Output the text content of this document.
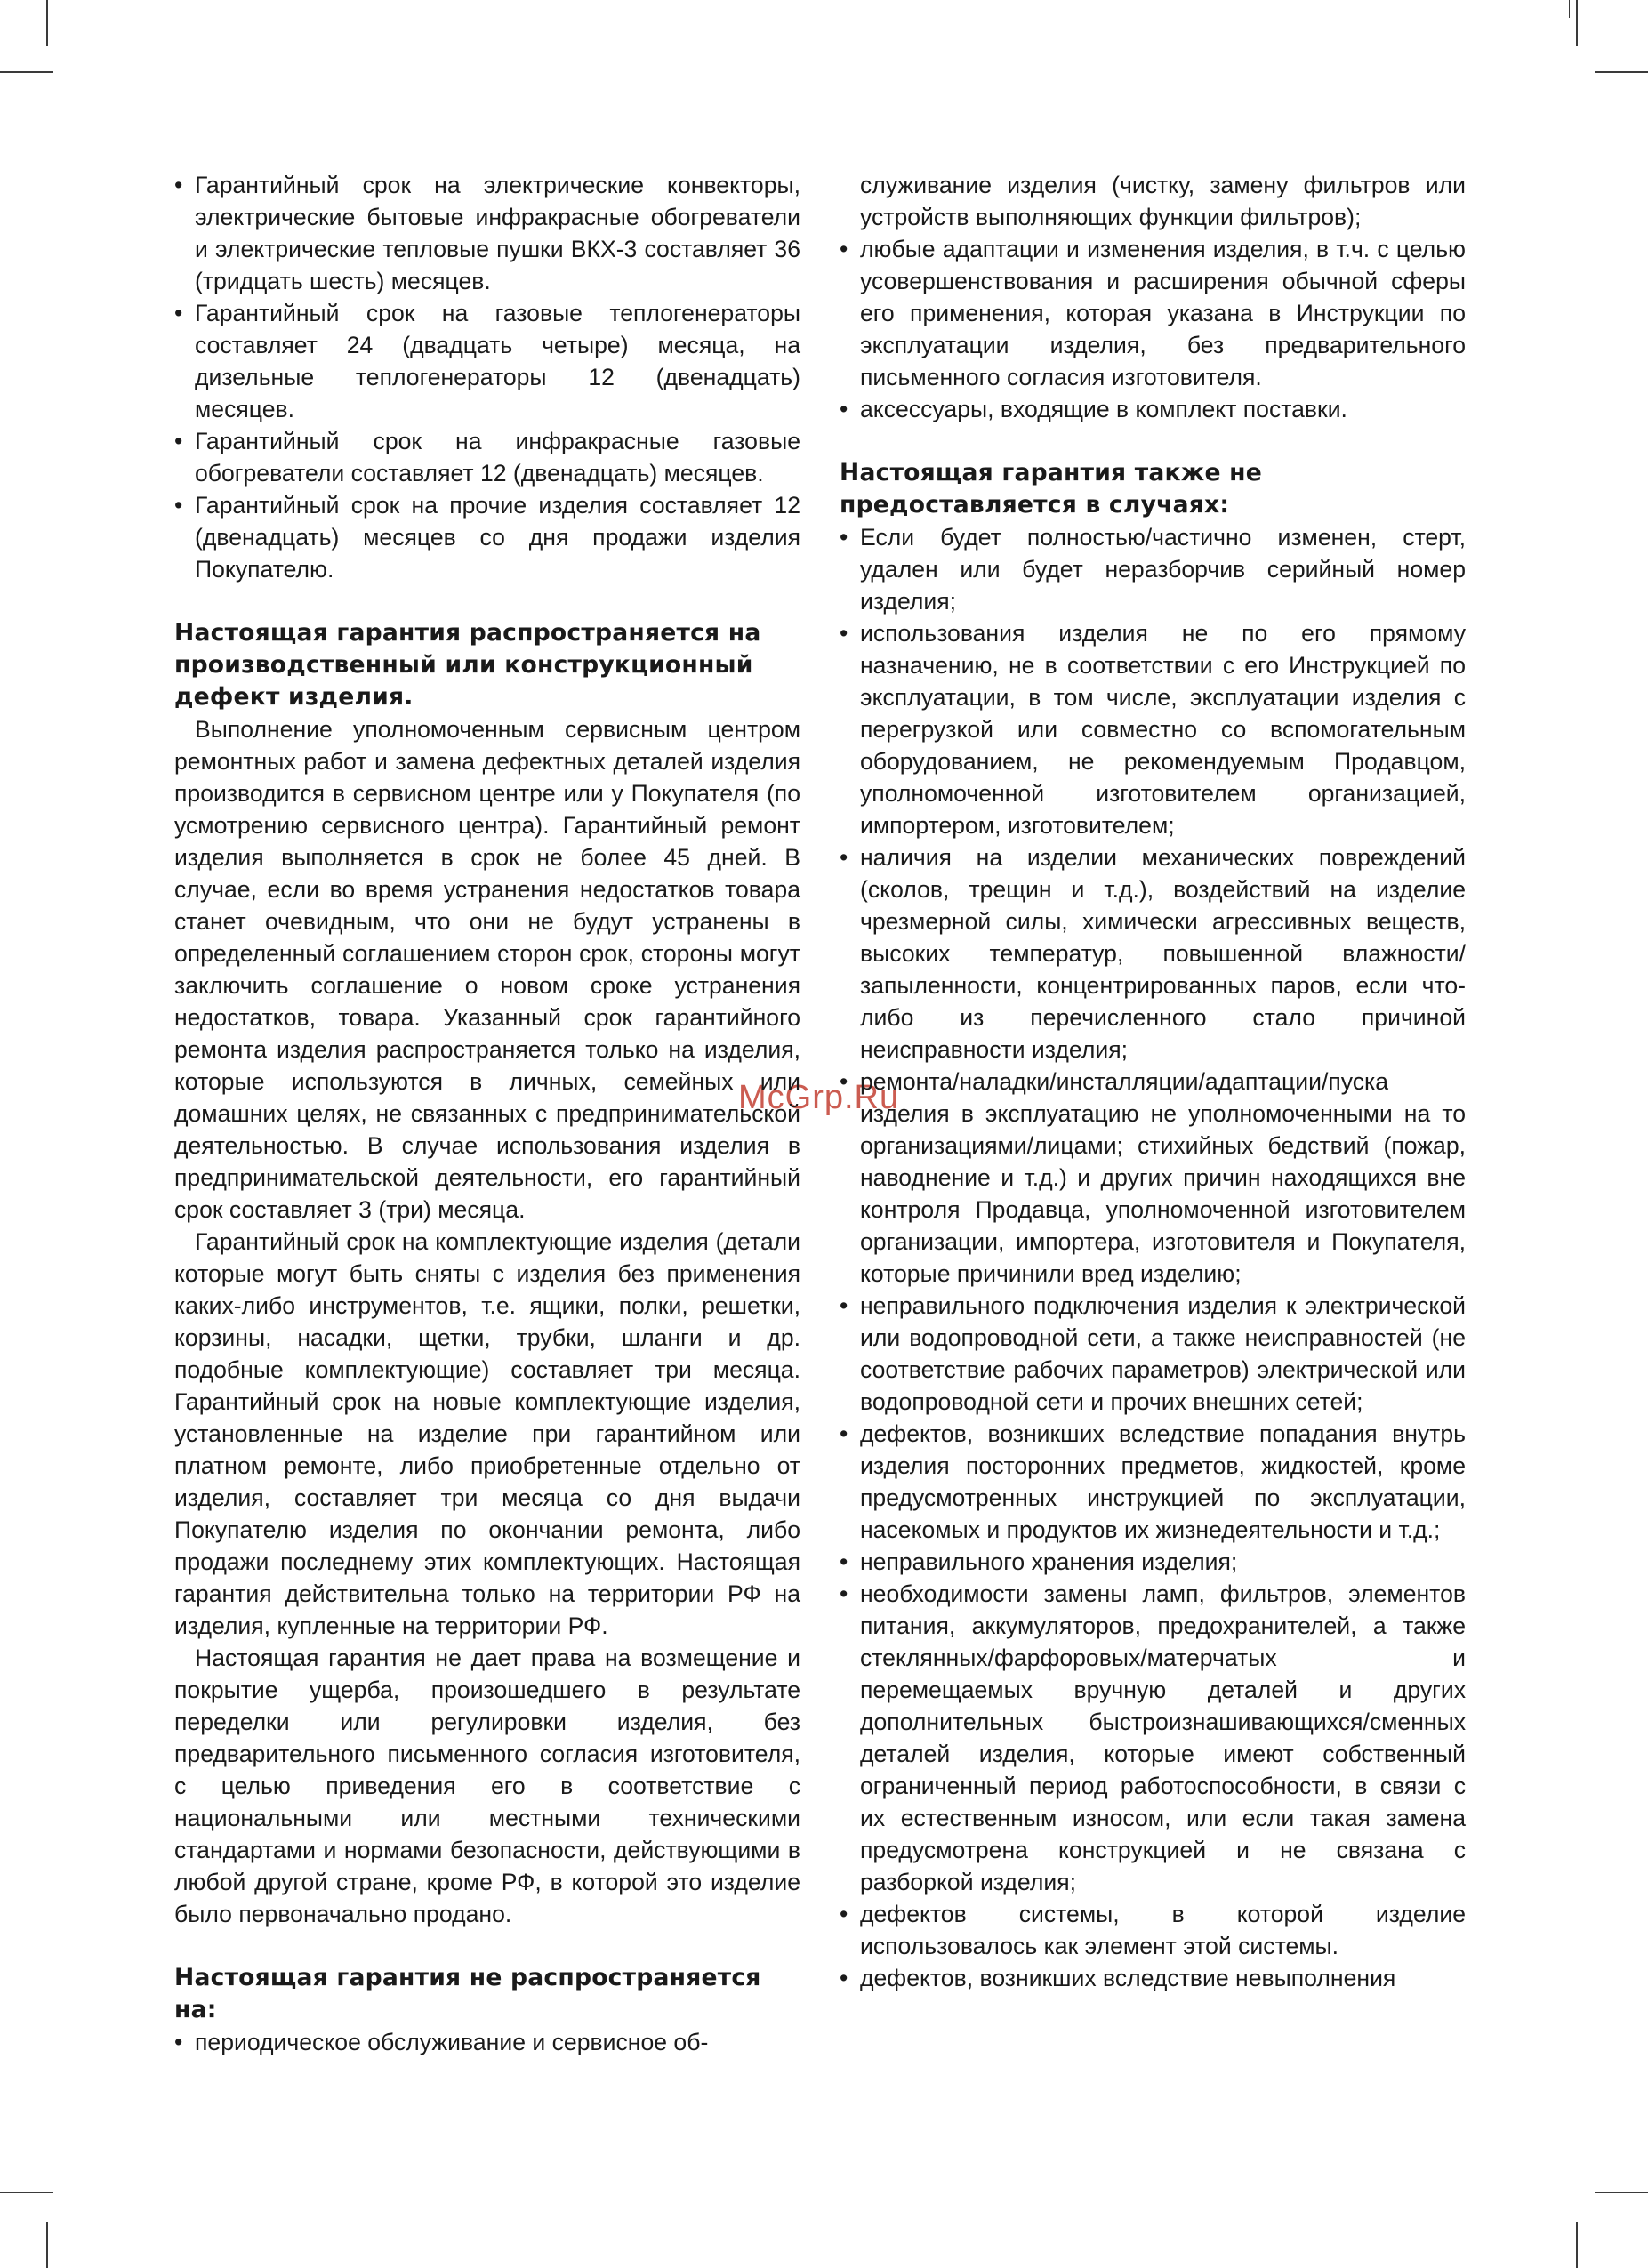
McGrp.Ru
• Гарантийный срок на электрические конвекторы, электрические бытовые инфракрасные обогреватели и электрические тепловые пушки ВКХ-3 составляет 36 (тридцать шесть) месяцев.
• Гарантийный срок на газовые теплогенераторы составляет 24 (двадцать четыре) месяца, на дизельные теплогенераторы 12 (двенадцать) месяцев.
• Гарантийный срок на инфракрасные газовые обогреватели составляет 12 (двенадцать) месяцев.
• Гарантийный срок на прочие изделия составляет 12 (двенадцать) месяцев со дня продажи изделия Покупателю.
Настоящая гарантия распространяется на производственный или конструкционный дефект изделия.

Выполнение уполномоченным сервисным центром ремонтных работ и замена дефектных деталей изделия производится в сервисном центре или у Покупателя (по усмотрению сервисного центра). Гарантийный ремонт изделия выполняется в срок не более 45 дней. В случае, если во время устранения недостатков товара станет очевидным, что они не будут устранены в определенный соглашением сторон срок, стороны могут заключить соглашение о новом сроке устранения недостатков, товара. Указанный срок гарантийного ремонта изделия распространяется только на изделия, которые используются в личных, семейных или домашних целях, не связанных с предпринимательской деятельностью. В случае использования изделия в предпринимательской деятельности, его гарантийный срок составляет 3 (три) месяца.

Гарантийный срок на комплектующие изделия (детали которые могут быть сняты с изделия без применения каких-либо инструментов, т.е. ящики, полки, решетки, корзины, насадки, щетки, трубки, шланги и др. подобные комплектующие) составляет три месяца. Гарантийный срок на новые комплектующие изделия, установленные на изделие при гарантийном или платном ремонте, либо приобретенные отдельно от изделия, составляет три месяца со дня выдачи Покупателю изделия по окончании ремонта, либо продажи последнему этих комплектующих. Настоящая гарантия действительна только на территории РФ на изделия, купленные на территории РФ.

Настоящая гарантия не дает права на возмещение и покрытие ущерба, произошедшего в результате переделки или регулировки изделия, без предварительного письменного согласия изготовителя, с целью приведения его в соответствие с национальными или местными техническими стандартами и нормами безопасности, действующими в любой другой стране, кроме РФ, в которой это изделие было первоначально продано.

Настоящая гарантия не распространяется на:
• периодическое обслуживание и сервисное об-
служивание изделия (чистку, замену фильтров или устройств выполняющих функции фильтров);
• любые адаптации и изменения изделия, в т.ч. с целью усовершенствования и расширения обычной сферы его применения, которая указана в Инструкции по эксплуатации изделия, без предварительного письменного согласия изготовителя.
• аксессуары, входящие в комплект поставки.
Настоящая гарантия также не предоставляется в случаях:
• Если будет полностью/частично изменен, стерт, удален или будет неразборчив серийный номер изделия;
• использования изделия не по его прямому назначению, не в соответствии с его Инструкцией по эксплуатации, в том числе, эксплуатации изделия с перегрузкой или совместно со вспомогательным оборудованием, не рекомендуемым Продавцом, уполномоченной изготовителем организацией, импортером, изготовителем;
• наличия на изделии механических повреждений (сколов, трещин и т.д.), воздействий на изделие чрезмерной силы, химически агрессивных веществ, высоких температур, повышенной влажности/запыленности, концентрированных паров, если что-либо из перечисленного стало причиной неисправности изделия;
• ремонта/наладки/инсталляции/адаптации/пуска изделия в эксплуатацию не уполномоченными на то организациями/лицами; стихийных бедствий (пожар, наводнение и т.д.) и других причин находящихся вне контроля Продавца, уполномоченной изготовителем организации, импортера, изготовителя и Покупателя, которые причинили вред изделию;
• неправильного подключения изделия к электрической или водопроводной сети, а также неисправностей (не соответствие рабочих параметров) электрической или водопроводной сети и прочих внешних сетей;
• дефектов, возникших вследствие попадания внутрь изделия посторонних предметов, жидкостей, кроме предусмотренных инструкцией по эксплуатации, насекомых и продуктов их жизнедеятельности и т.д.;
• неправильного хранения изделия;
• необходимости замены ламп, фильтров, элементов питания, аккумуляторов, предохранителей, а также стеклянных/фарфоровых/матерчатых и перемещаемых вручную деталей и других дополнительных быстроизнашивающихся/сменных деталей изделия, которые имеют собственный ограниченный период работоспособности, в связи с их естественным износом, или если такая замена предусмотрена конструкцией и не связана с разборкой изделия;
• дефектов системы, в которой изделие использовалось как элемент этой системы.
• дефектов, возникших вследствие невыполнения
